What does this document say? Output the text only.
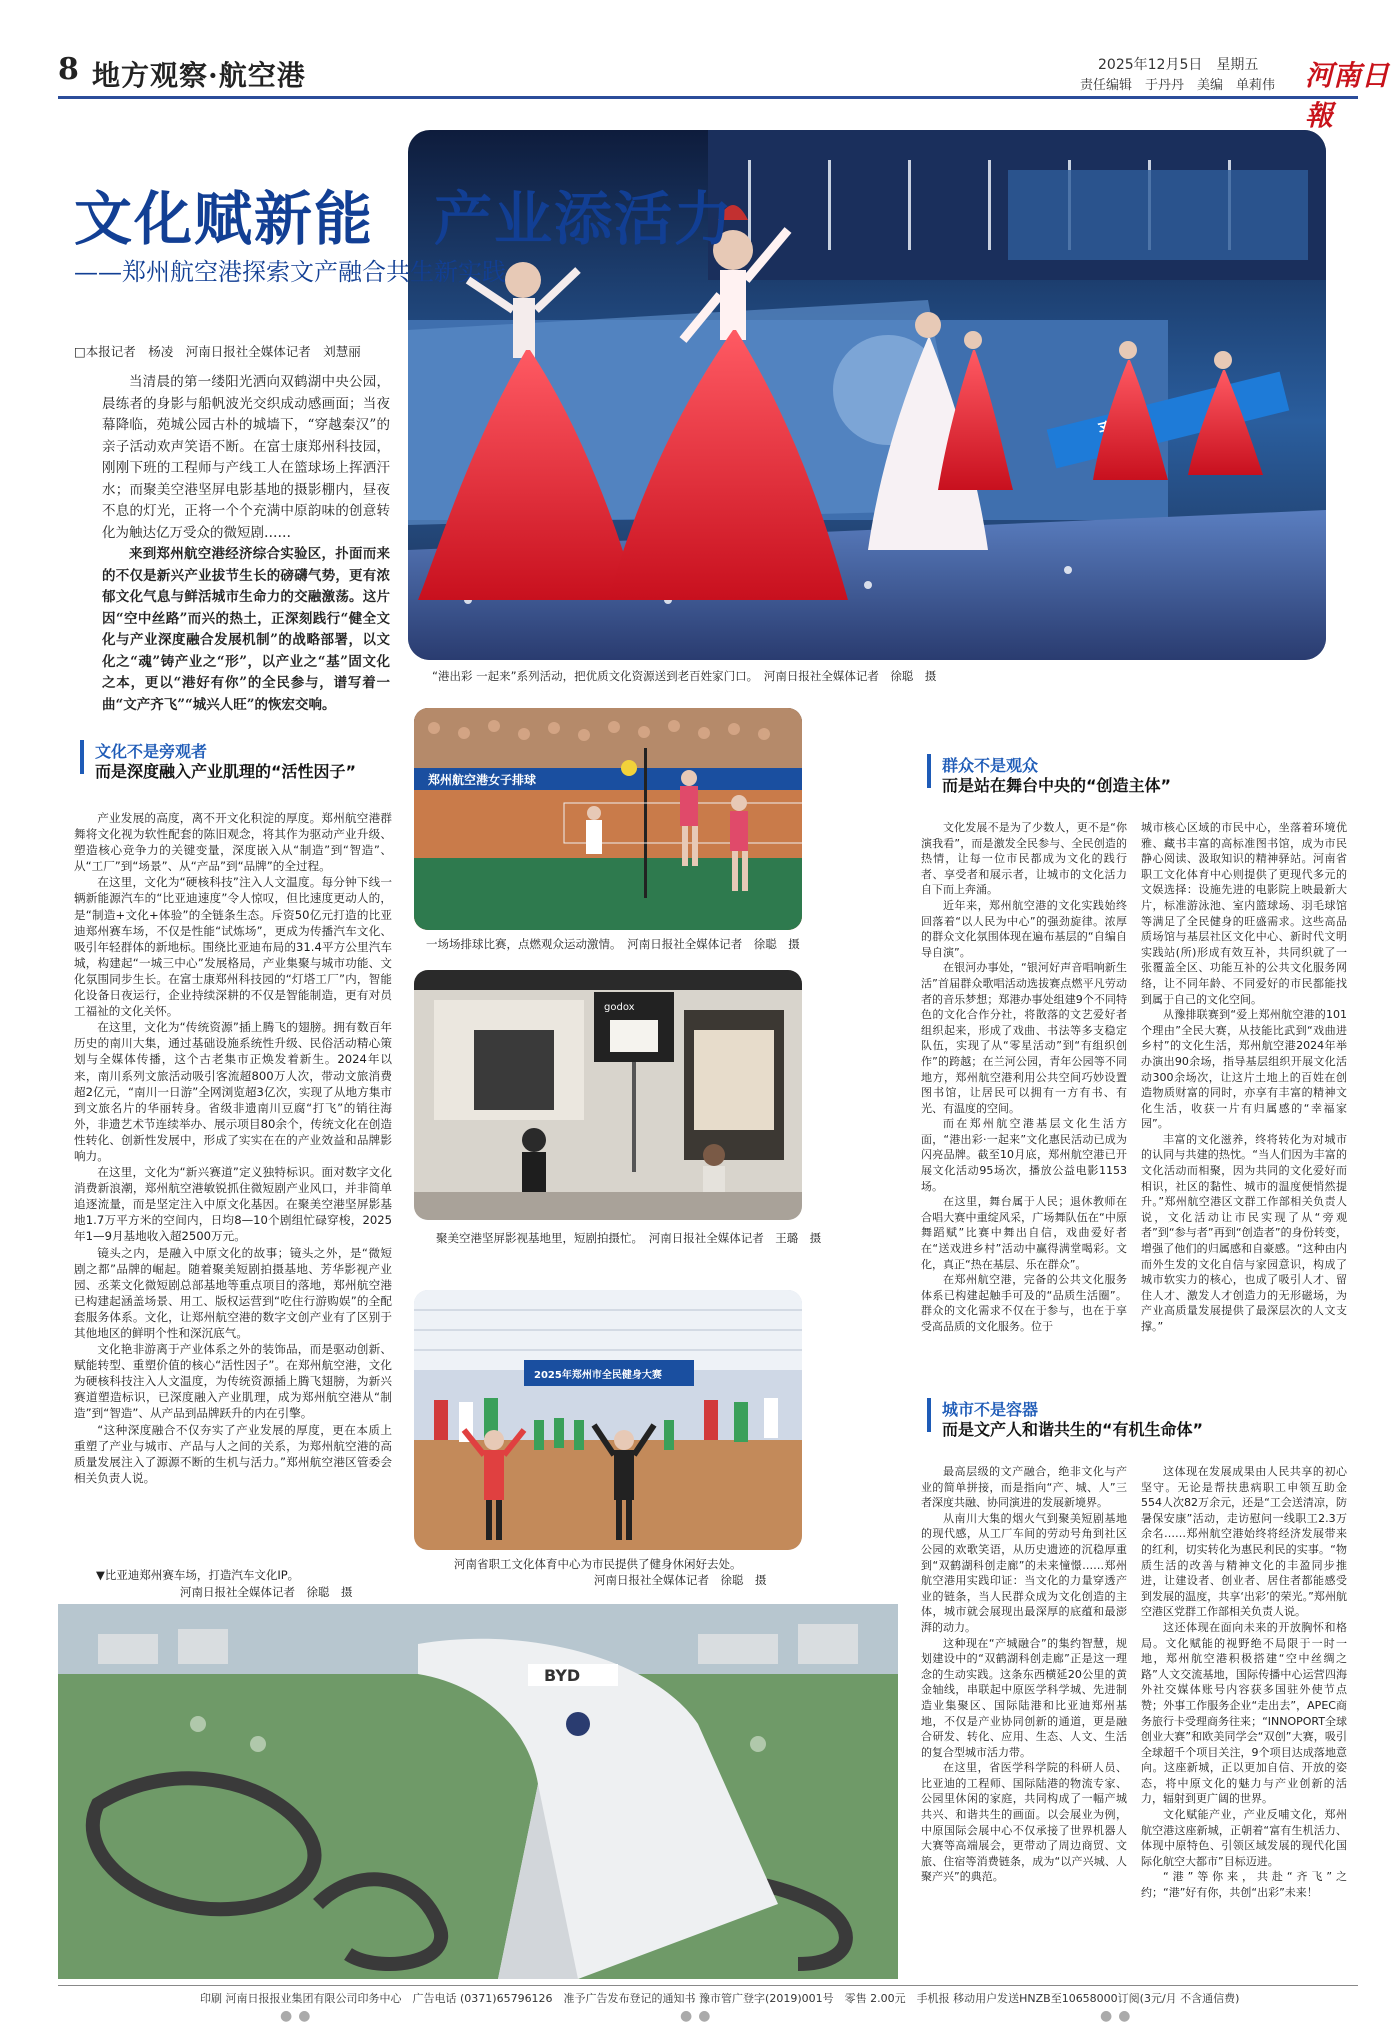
8 地方观察·航空港	2025年12月5日　星期五
责任编辑　于丹丹　美编　单莉伟 河南日報
文化赋新能　产业添活力
——郑州航空港探索文产融合共生新实践
“港出彩 一起来”系列活动，把优质文化资源送到老百姓家门口。　河南日报社全媒体记者　徐聪　摄
□本报记者　杨凌　河南日报社全媒体记者　刘慧丽

当清晨的第一缕阳光洒向双鹤湖中央公园，晨练者的身影与船帆波光交织成动感画面；当夜幕降临，苑城公园古朴的城墙下，“穿越秦汉”的亲子活动欢声笑语不断。在富士康郑州科技园，刚刚下班的工程师与产线工人在篮球场上挥洒汗水；而聚美空港坚屏电影基地的摄影棚内，昼夜不息的灯光，正将一个个充满中原韵味的创意转化为触达亿万受众的微短剧……

来到郑州航空港经济综合实验区，扑面而来的不仅是新兴产业拔节生长的磅礴气势，更有浓郁文化气息与鲜活城市生命力的交融激荡。这片因“空中丝路”而兴的热土，正深刻践行“健全文化与产业深度融合发展机制”的战略部署，以文化之“魂”铸产业之“形”，以产业之“基”固文化之本，更以“港好有你”的全民参与，谱写着一曲“文产齐飞”“城兴人旺”的恢宏交响。

文化不是旁观者
而是深度融入产业肌理的“活性因子”

产业发展的高度，离不开文化积淀的厚度。郑州航空港群舞将文化视为软性配套的陈旧观念，将其作为驱动产业升级、塑造核心竞争力的关键变量，深度嵌入从“制造”到“智造”、从“工厂”到“场景”、从“产品”到“品牌”的全过程。

在这里，文化为“硬核科技”注入人文温度。每分钟下线一辆新能源汽车的“比亚迪速度”令人惊叹，但比速度更动人的，是“制造+文化+体验”的全链条生态。斥资50亿元打造的比亚迪郑州赛车场，不仅是性能“试炼场”，更成为传播汽车文化、吸引年轻群体的新地标。围绕比亚迪布局的31.4平方公里汽车城，构建起“一城三中心”发展格局，产业集聚与城市功能、文化氛围同步生长。在富士康郑州科技园的“灯塔工厂”内，智能化设备日夜运行，企业持续深耕的不仅是智能制造，更有对员工福祉的文化关怀。

在这里，文化为“传统资源”插上腾飞的翅膀。拥有数百年历史的南川大集，通过基础设施系统性升级、民俗活动精心策划与全媒体传播，这个古老集市正焕发着新生。2024年以来，南川系列文旅活动吸引客流超800万人次，带动文旅消费超2亿元，“南川一日游”全网浏览超3亿次，实现了从地方集市到文旅名片的华丽转身。省级非遗南川豆腐“打飞”的销往海外，非遗艺术节连续举办、展示项目80余个，传统文化在创造性转化、创新性发展中，形成了实实在在的产业效益和品牌影响力。

在这里，文化为“新兴赛道”定义独特标识。面对数字文化消费新浪潮，郑州航空港敏锐抓住微短剧产业风口，并非简单追逐流量，而是坚定注入中原文化基因。在聚美空港坚屏影基地1.7万平方米的空间内，日均8—10个剧组忙碌穿梭，2025年1—9月基地收入超2500万元。

镜头之内，是融入中原文化的故事；镜头之外，是“微短剧之都”品牌的崛起。随着聚美短剧拍摄基地、芳华影视产业园、丞莱文化微短剧总部基地等重点项目的落地，郑州航空港已构建起涵盖场景、用工、版权运营到“吃住行游购娱”的全配套服务体系。文化，让郑州航空港的数字文创产业有了区别于其他地区的鲜明个性和深沉底气。

文化艳非游离于产业体系之外的装饰品，而是驱动创新、赋能转型、重塑价值的核心“活性因子”。在郑州航空港，文化为硬核科技注入人文温度，为传统资源插上腾飞翅膀，为新兴赛道塑造标识，已深度融入产业肌理，成为郑州航空港从“制造”到“智造”、从产品到品牌跃升的内在引擎。

“这种深度融合不仅夯实了产业发展的厚度，更在本质上重塑了产业与城市、产品与人之间的关系，为郑州航空港的高质量发展注入了源源不断的生机与活力。”郑州航空港区管委会相关负责人说。

郑州航空港女子排球
一场场排球比赛，点燃观众运动激情。　河南日报社全媒体记者　徐聪　摄
godox
聚美空港坚屏影视基地里，短剧拍摄忙。　河南日报社全媒体记者　王璐　摄
2025年郑州市全民健身大赛
河南省职工文化体育中心为市民提供了健身休闲好去处。
河南日报社全媒体记者　徐聪　摄
▼比亚迪郑州赛车场，打造汽车文化IP。
河南日报社全媒体记者　徐聪　摄
BYD
群众不是观众
而是站在舞台中央的“创造主体”

文化发展不是为了少数人，更不是“你演我看”，而是激发全民参与、全民创造的热情，让每一位市民都成为文化的践行者、享受者和展示者，让城市的文化活力自下而上奔涌。

近年来，郑州航空港的文化实践始终回落着“以人民为中心”的强劲旋律。浓厚的群众文化氛围体现在遍布基层的“自编自导自演”。

在银河办事处，“银河好声音唱响新生活”首届群众歌唱活动选拔赛点燃平凡劳动者的音乐梦想；郑港办事处组建9个不同特色的文化合作分社，将散落的文艺爱好者组织起来，形成了戏曲、书法等多支稳定队伍，实现了从“零星活动”到“有组织创作”的跨越；在兰河公园，青年公园等不同地方，郑州航空港利用公共空间巧妙设置图书馆，让居民可以拥有一方有书、有光、有温度的空间。

而在郑州航空港基层文化生活方面，“港出彩·一起来”文化惠民活动已成为闪亮品牌。截至10月底，郑州航空港已开展文化活动95场次，播放公益电影1153场。

在这里，舞台属于人民；退休教师在合唱大赛中重绽风采，广场舞队伍在“中原舞蹈赋”比赛中舞出自信，戏曲爱好者在“送戏进乡村”活动中赢得满堂喝彩。文化，真正“热在基层、乐在群众”。

在郑州航空港，完备的公共文化服务体系已构建起触手可及的“品质生活圈”。群众的文化需求不仅在于参与，也在于享受高品质的文化服务。位于

城市核心区域的市民中心，坐落着环境优雅、藏书丰富的高标准图书馆，成为市民静心阅读、汲取知识的精神驿站。河南省职工文化体育中心则提供了更现代多元的文娱选择：设施先进的电影院上映最新大片，标准游泳池、室内篮球场、羽毛球馆等满足了全民健身的旺盛需求。这些高品质场馆与基层社区文化中心、新时代文明实践站(所)形成有效互补，共同织就了一张覆盖全区、功能互补的公共文化服务网络，让不同年龄、不同爱好的市民都能找到属于自己的文化空间。

从豫排联赛到“爱上郑州航空港的101个理由”全民大赛，从技能比武到“戏曲进乡村”的文化生活，郑州航空港2024年举办演出90余场，指导基层组织开展文化活动300余场次，让这片土地上的百姓在创造物质财富的同时，亦享有丰富的精神文化生活，收获一片有归属感的“幸福家园”。

丰富的文化滋养，终将转化为对城市的认同与共建的热忱。“当人们因为丰富的文化活动而相聚，因为共同的文化爱好而相识，社区的黏性、城市的温度便悄然提升。”郑州航空港区文群工作部相关负责人说，文化活动让市民实现了从“旁观者”到“参与者”再到“创造者”的身份转变，增强了他们的归属感和自豪感。“这种由内而外生发的文化自信与家园意识，构成了城市软实力的核心，也成了吸引人才、留住人才、激发人才创造力的无形磁场，为产业高质量发展提供了最深层次的人文支撑。”

城市不是容器
而是文产人和谐共生的“有机生命体”

最高层级的文产融合，绝非文化与产业的简单拼接，而是指向“产、城、人”三者深度共融、协同演进的发展新境界。

从南川大集的烟火气到聚美短剧基地的现代感，从工厂车间的劳动号角到社区公园的欢歌笑语，从历史遗迹的沉稳厚重到“双鹤湖科创走廊”的未来憧憬……郑州航空港用实践印证：当文化的力量穿透产业的链条，当人民群众成为文化创造的主体，城市就会展现出最深厚的底蕴和最澎湃的动力。

这种现在“产城融合”的集约智慧，规划建设中的“双鹤湖科创走廊”正是这一理念的生动实践。这条东西横延20公里的黄金轴线，串联起中原医学科学城、先进制造业集聚区、国际陆港和比亚迪郑州基地，不仅是产业协同创新的通道，更是融合研发、转化、应用、生态、人文、生活的复合型城市活力带。

在这里，省医学科学院的科研人员、比亚迪的工程师、国际陆港的物流专家、公园里休闲的家庭，共同构成了一幅产城共兴、和谐共生的画面。以会展业为例，中原国际会展中心不仅承接了世界机器人大赛等高端展会，更带动了周边商贸、文旅、住宿等消费链条，成为“以产兴城、人聚产兴”的典范。

这体现在发展成果由人民共享的初心坚守。无论是帮扶患病职工申领互助金554人次82万余元，还是“工会送清凉，防暑保安康”活动，走访慰问一线职工2.3万余名……郑州航空港始终将经济发展带来的红利，切实转化为惠民利民的实事。“物质生活的改善与精神文化的丰盈同步推进，让建设者、创业者、居住者都能感受到发展的温度，共享‘出彩’的荣光。”郑州航空港区党群工作部相关负责人说。

这还体现在面向未来的开放胸怀和格局。文化赋能的视野绝不局限于一时一地，郑州航空港积极搭建“空中丝绸之路”人文交流基地，国际传播中心运营四海外社交媒体账号内容获多国驻外使节点赞；外事工作服务企业“走出去”，APEC商务旅行卡受理商务往来；“INNOPORT全球创业大赛”和欧美同学会“双创”大赛，吸引全球超千个项目关注，9个项目达成落地意向。这座新城，正以更加自信、开放的姿态，将中原文化的魅力与产业创新的活力，辐射到更广阔的世界。

文化赋能产业，产业反哺文化，郑州航空港这座新城，正朝着“富有生机活力、体现中原特色、引领区域发展的现代化国际化航空大都市”目标迈进。

“港”等你来，共赴“齐飞”之约；“港”好有你，共创“出彩”未来！

印刷 河南日报报业集团有限公司印务中心　广告电话 (0371)65796126　准予广告发布登记的通知书 豫市管广登字(2019)001号　零售 2.00元　手机报 移动用户发送HNZB至10658000订阅(3元/月 不含通信费)
●●	●●	●●
